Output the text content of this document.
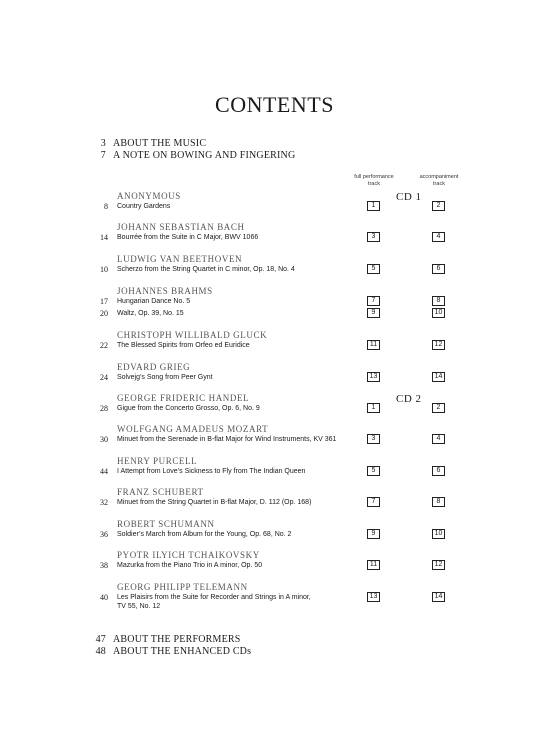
CONTENTS
3 ABOUT THE MUSIC
7 A NOTE ON BOWING AND FINGERING
full performance
track
accompaniment
track
CD 1
CD 2
ANONYMOUS
8 Country Gardens	1	2
JOHANN SEBASTIAN BACH
14 Bourrée from the Suite in C Major, BWV 1066	3	4
LUDWIG VAN BEETHOVEN
10 Scherzo from the String Quartet in C minor, Op. 18, No. 4	5	6
JOHANNES BRAHMS
17 Hungarian Dance No. 5	7	8
20 Waltz, Op. 39, No. 15	9	10
CHRISTOPH WILLIBALD GLUCK
22 The Blessed Spirits from Orfeo ed Euridice	11	12
EDVARD GRIEG
24 Solvejg’s Song from Peer Gynt	13	14
GEORGE FRIDERIC HANDEL
28 Gigue from the Concerto Grosso, Op. 6, No. 9	1	2
WOLFGANG AMADEUS MOZART
30 Minuet from the Serenade in B-flat Major for Wind Instruments, KV 361	3	4
HENRY PURCELL
44 I Attempt from Love’s Sickness to Fly from The Indian Queen	5	6
FRANZ SCHUBERT
32 Minuet from the String Quartet in B-flat Major, D. 112 (Op. 168)	7	8
ROBERT SCHUMANN
36 Soldier’s March from Album for the Young, Op. 68, No. 2	9	10
PYOTR ILYICH TCHAIKOVSKY
38 Mazurka from the Piano Trio in A minor, Op. 50	11	12
GEORG PHILIPP TELEMANN
40 Les Plaisirs from the Suite for Recorder and Strings in A minor,
TV 55, No. 12
13	14
47 ABOUT THE PERFORMERS
48 ABOUT THE ENHANCED CDs
